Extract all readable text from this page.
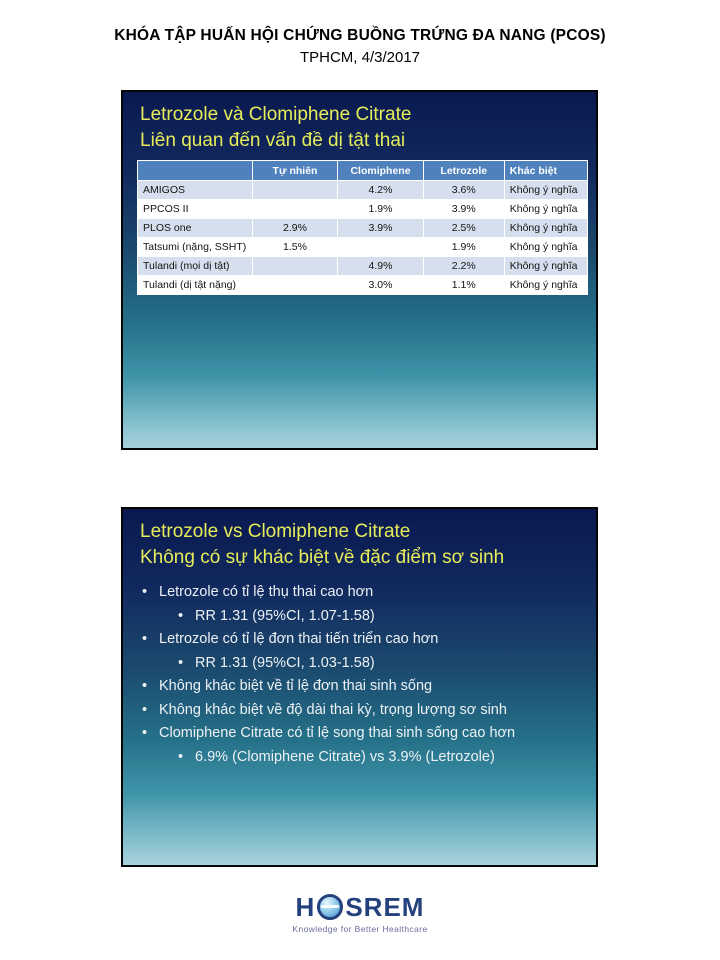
KHÓA TẬP HUẤN HỘI CHỨNG BUỒNG TRỨNG ĐA NANG (PCOS)
TPHCM, 4/3/2017
Letrozole và Clomiphene Citrate
Liên quan đến vấn đề dị tật thai
	Tự nhiên	Clomiphene	Letrozole	Khác biệt
AMIGOS		4.2%	3.6%	Không ý nghĩa
PPCOS II		1.9%	3.9%	Không ý nghĩa
PLOS one	2.9%	3.9%	2.5%	Không ý nghĩa
Tatsumi (nặng, SSHT)	1.5%		1.9%	Không ý nghĩa
Tulandi (mọi dị tật)		4.9%	2.2%	Không ý nghĩa
Tulandi (dị tật nặng)		3.0%	1.1%	Không ý nghĩa
Letrozole vs Clomiphene Citrate
Không có sự khác biệt về đặc điểm sơ sinh
• Letrozole có tỉ lệ thụ thai cao hơn
• RR 1.31 (95%CI, 1.07-1.58)
• Letrozole có tỉ lệ đơn thai tiến triển cao hơn
• RR 1.31 (95%CI, 1.03-1.58)
• Không khác biệt về tỉ lệ đơn thai sinh sống
• Không khác biệt về độ dài thai kỳ, trọng lượng sơ sinh
• Clomiphene Citrate có tỉ lệ song thai sinh sống cao hơn
• 6.9% (Clomiphene Citrate) vs 3.9% (Letrozole)
H SREM
Knowledge for Better Healthcare
